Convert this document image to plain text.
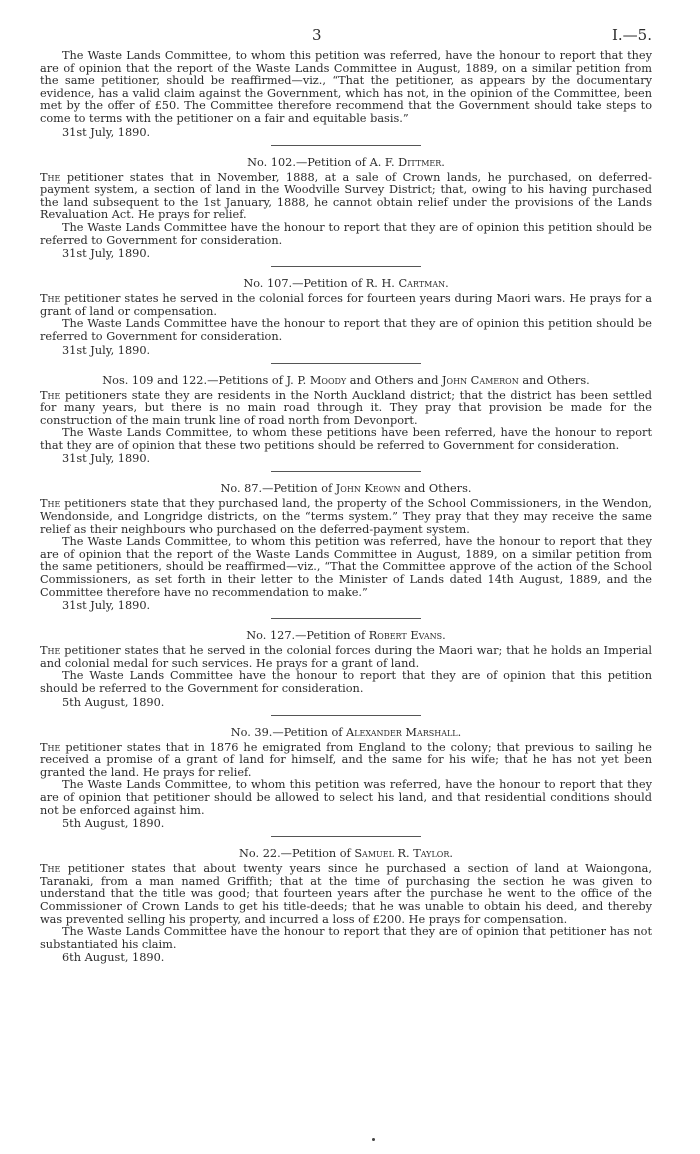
3	I.—5.

The Waste Lands Committee, to whom this petition was referred, have the honour to report that they are of opinion that the report of the Waste Lands Committee in August, 1889, on a similar petition from the same petitioner, should be reaffirmed—viz., “That the petitioner, as appears by the documentary evidence, has a valid claim against the Government, which has not, in the opinion of the Committee, been met by the offer of £50. The Committee therefore recommend that the Government should take steps to come to terms with the petitioner on a fair and equitable basis.”

31st July, 1890.
No. 102.—Petition of A. F. Dittmer.

The petitioner states that in November, 1888, at a sale of Crown lands, he purchased, on deferred-payment system, a section of land in the Woodville Survey District; that, owing to his having purchased the land subsequent to the 1st January, 1888, he cannot obtain relief under the provisions of the Lands Revaluation Act. He prays for relief.

The Waste Lands Committee have the honour to report that they are of opinion this petition should be referred to Government for consideration.

31st July, 1890.
No. 107.—Petition of R. H. Cartman.

The petitioner states he served in the colonial forces for fourteen years during Maori wars. He prays for a grant of land or compensation.

The Waste Lands Committee have the honour to report that they are of opinion this petition should be referred to Government for consideration.

31st July, 1890.
Nos. 109 and 122.—Petitions of J. P. Moody and Others and John Cameron and Others.

The petitioners state they are residents in the North Auckland district; that the district has been settled for many years, but there is no main road through it. They pray that provision be made for the construction of the main trunk line of road north from Devonport.

The Waste Lands Committee, to whom these petitions have been referred, have the honour to report that they are of opinion that these two petitions should be referred to Government for consideration.

31st July, 1890.
No. 87.—Petition of John Keown and Others.

The petitioners state that they purchased land, the property of the School Commissioners, in the Wendon, Wendonside, and Longridge districts, on the “terms system.” They pray that they may receive the same relief as their neighbours who purchased on the deferred-payment system.

The Waste Lands Committee, to whom this petition was referred, have the honour to report that they are of opinion that the report of the Waste Lands Committee in August, 1889, on a similar petition from the same petitioners, should be reaffirmed—viz., “That the Committee approve of the action of the School Commissioners, as set forth in their letter to the Minister of Lands dated 14th August, 1889, and the Committee therefore have no recommendation to make.”

31st July, 1890.
No. 127.—Petition of Robert Evans.

The petitioner states that he served in the colonial forces during the Maori war; that he holds an Imperial and colonial medal for such services. He prays for a grant of land.

The Waste Lands Committee have the honour to report that they are of opinion that this petition should be referred to the Government for consideration.

5th August, 1890.
No. 39.—Petition of Alexander Marshall.

The petitioner states that in 1876 he emigrated from England to the colony; that previous to sailing he received a promise of a grant of land for himself, and the same for his wife; that he has not yet been granted the land. He prays for relief.

The Waste Lands Committee, to whom this petition was referred, have the honour to report that they are of opinion that petitioner should be allowed to select his land, and that residential conditions should not be enforced against him.

5th August, 1890.
No. 22.—Petition of Samuel R. Taylor.

The petitioner states that about twenty years since he purchased a section of land at Waiongona, Taranaki, from a man named Griffith; that at the time of purchasing the section he was given to understand that the title was good; that fourteen years after the purchase he went to the office of the Commissioner of Crown Lands to get his title-deeds; that he was unable to obtain his deed, and thereby was prevented selling his property, and incurred a loss of £200. He prays for compensation.

The Waste Lands Committee have the honour to report that they are of opinion that petitioner has not substantiated his claim.

6th August, 1890.
